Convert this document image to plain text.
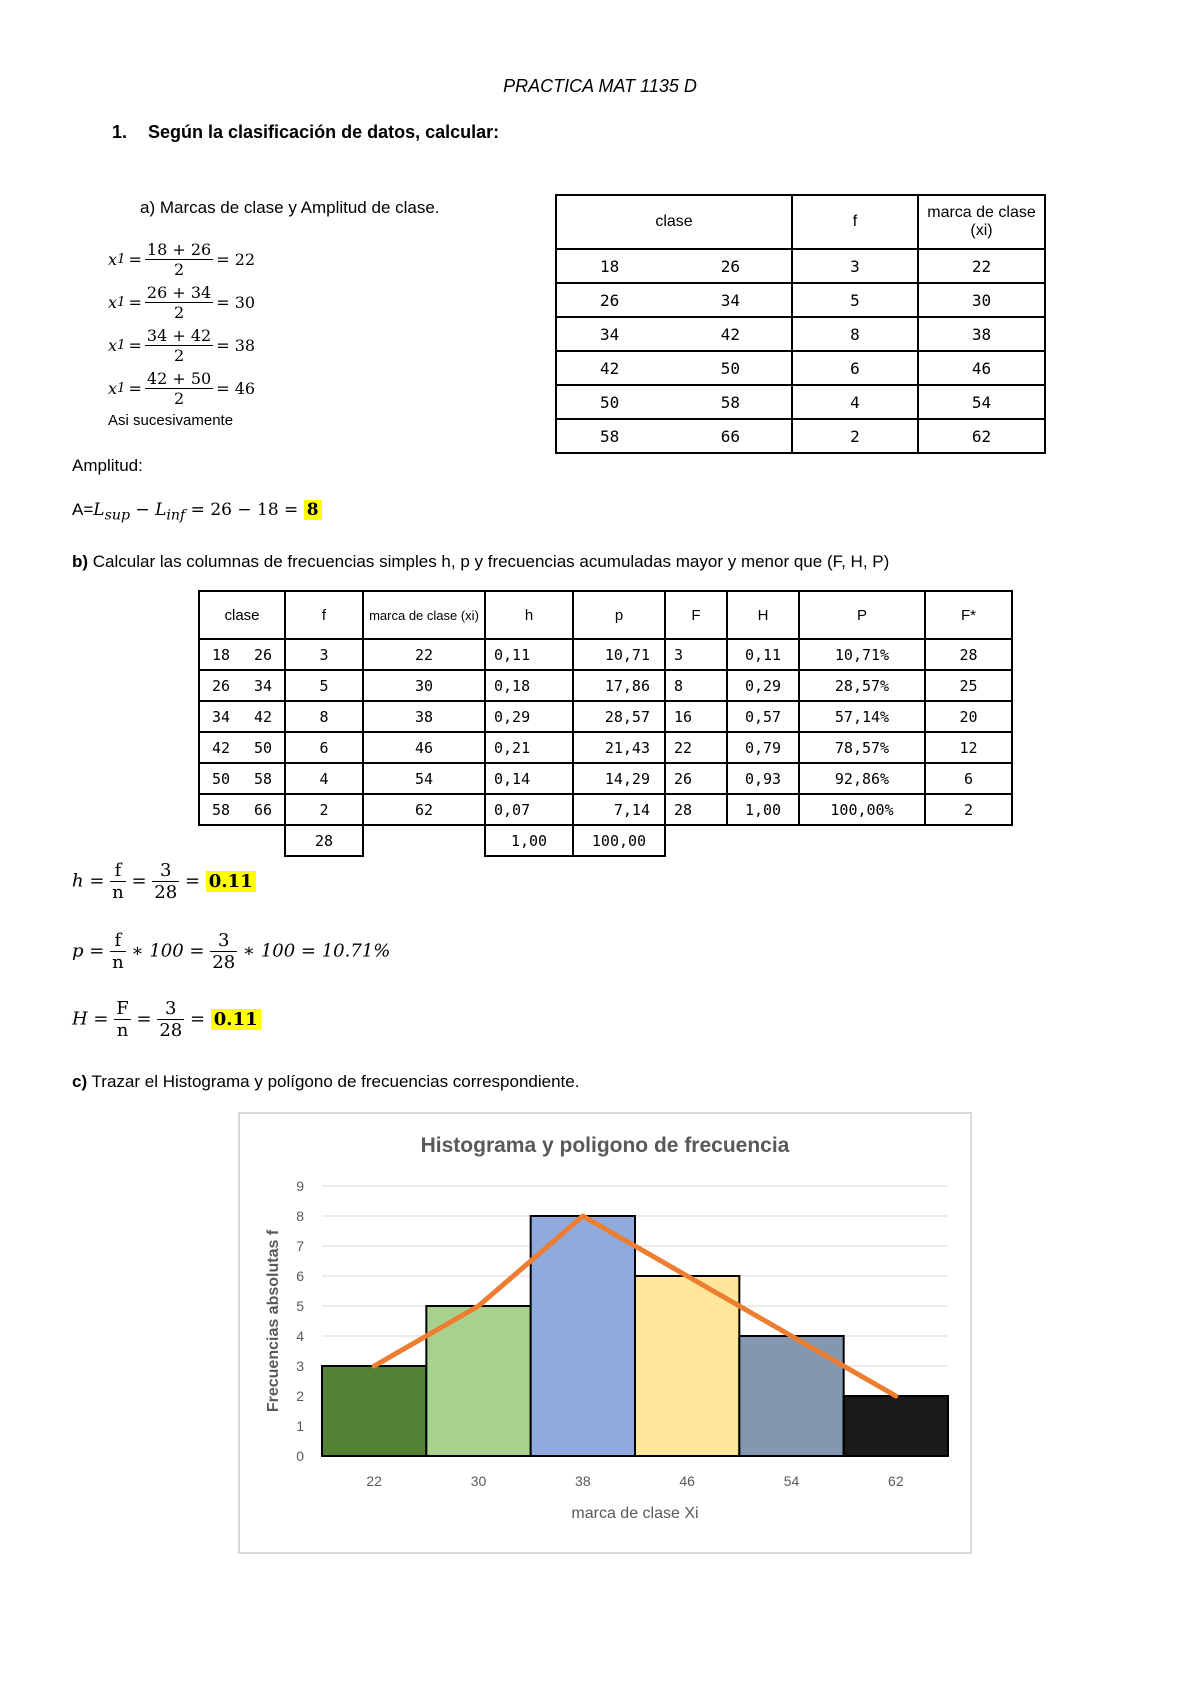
PRACTICA MAT 1135 D
1. Según la clasificación de datos, calcular:
a) Marcas de clase y Amplitud de clase.
x $1 = \frac{18 + 26}{2} = 22$
x $1 = \frac{26 + 34}{2} = 30$
x $1 = \frac{34 + 42}{2} = 38$
x $1 = \frac{42 + 50}{2} = 46$
Asi sucesivamente
clase	f	marca de clase (xi)

18 26	3	22

26 34	5	30

34 42	8	38

42 50	6	46

50 58	4	54

58 66	2	62
Amplitud:
$A=L_{sup} - L_{inf} = 26 - 18 = 8$
b) Calcular las columnas de frecuencias simples h, p y frecuencias acumuladas mayor y menor que (F, H, P)
clase	f	marca de clase (xi)	h	p	F	H	P	F*

18 26	3	22	0,11	10,71	3	0,11	10,71%	28

26 34	5	30	0,18	17,86	8	0,29	28,57%	25

34 42	8	38	0,29	28,57	16	0,57	57,14%	20

42 50	6	46	0,21	21,43	22	0,79	78,57%	12

50 58	4	54	0,14	14,29	26	0,93	92,86%	6

58 66	2	62	0,07	7,14	28	1,00	100,00%	2
	28		1,00	100,00				
$h = \frac{f}{n} = \frac{3}{28} = 0.11$
$p = \frac{f}{n}$ ∗ $100 = \frac{3}{28}$ ∗ 100 = 10.71%
$H = \frac{F}{n} = \frac{3}{28} = 0.11$
c) Trazar el Histograma y polígono de frecuencias correspondiente.
Histograma y poligono de frecuencia
0
1
2
3
4
5
6
7
8
9
22	30	38	46	54	62
marca de clase Xi
Frecuencias absolutas f
